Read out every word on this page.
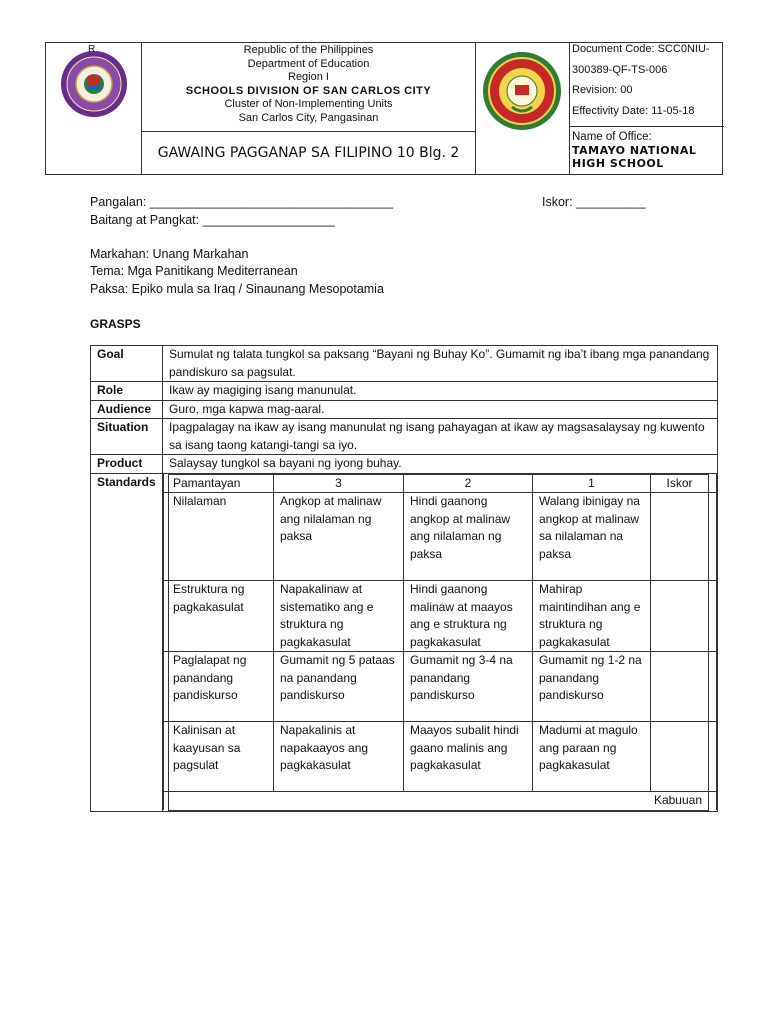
R	Republic of the Philippines
Department of Education
Region I
SCHOOLS DIVISION OF SAN CARLOS CITY
Cluster of Non-Implementing Units
San Carlos City, Pangasinan
GAWAING PAGGANAP SA FILIPINO 10 Blg. 2
Document Code: SCC0NIU-
300389-QF-TS-006
Revision: 00
Effectivity Date: 11-05-18
Name of Office:
TAMAYO NATIONAL
HIGH SCHOOL
Pangalan: ___________________________________	Iskor: __________
Baitang at Pangkat: ___________________
Markahan: Unang Markahan
Tema: Mga Panitikang Mediterranean
Paksa: Epiko mula sa Iraq / Sinaunang Mesopotamia
GRASPS
Goal	Sumulat ng talata tungkol sa paksang “Bayani ng Buhay Ko”. Gumamit ng iba’t ibang mga panandang pandiskuro sa pagsulat.
Role	Ikaw ay magiging isang manunulat.
Audience	Guro, mga kapwa mag-aaral.
Situation	Ipagpalagay na ikaw ay isang manunulat ng isang pahayagan at ikaw ay magsasalaysay ng kuwento sa isang taong katangi-tangi sa iyo.
Product	Salaysay tungkol sa bayani ng iyong buhay.
Standards	
	Pamantayan	3	2	1	Iskor	
	Nilalaman	Angkop at malinaw ang nilalaman ng paksa	Hindi gaanong angkop at malinaw ang nilalaman ng paksa	Walang ibinigay na angkop at malinaw sa nilalaman na paksa		
	Estruktura ng pagkakasulat	Napakalinaw at sistematiko ang e struktura ng pagkakasulat	Hindi gaanong malinaw at maayos ang e struktura ng pagkakasulat	Mahirap maintindihan ang e struktura ng pagkakasulat		
	Paglalapat ng panandang pandiskurso	Gumamit ng 5 pataas na panandang pandiskurso	Gumamit ng 3-4 na panandang pandiskurso	Gumamit ng 1-2 na panandang pandiskurso		
	Kalinisan at kaayusan sa pagsulat	Napakalinis at napakaayos ang pagkakasulat	Maayos subalit hindi gaano malinis ang pagkakasulat	Madumi at magulo ang paraan ng pagkakasulat		
	Kabuuan	
